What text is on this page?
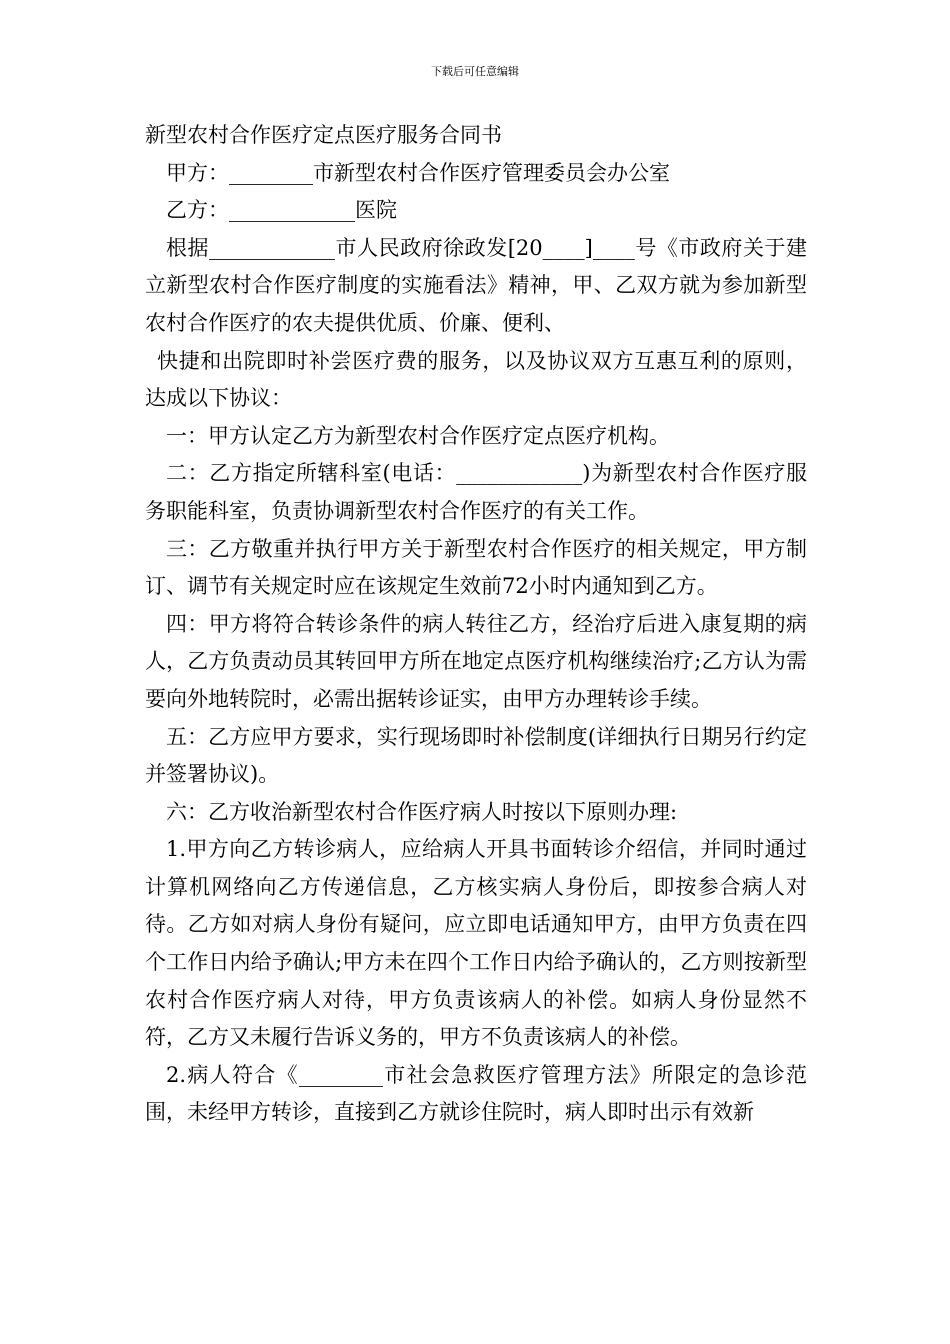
下载后可任意编辑

新型农村合作医疗定点医疗服务合同书

甲方：________市新型农村合作医疗管理委员会办公室

乙方：____________医院

根据____________市人民政府徐政发[20____]____号《市政府关于建立新型农村合作医疗制度的实施看法》精神，甲、乙双方就为参加新型农村合作医疗的农夫提供优质、价廉、便利、

快捷和出院即时补尝医疗费的服务，以及协议双方互惠互利的原则，达成以下协议：

一：甲方认定乙方为新型农村合作医疗定点医疗机构。

二：乙方指定所辖科室(电话：____________)为新型农村合作医疗服务职能科室，负责协调新型农村合作医疗的有关工作。

三：乙方敬重并执行甲方关于新型农村合作医疗的相关规定，甲方制订、调节有关规定时应在该规定生效前72小时内通知到乙方。

四：甲方将符合转诊条件的病人转往乙方，经治疗后进入康复期的病人，乙方负责动员其转回甲方所在地定点医疗机构继续治疗;乙方认为需要向外地转院时，必需出据转诊证实，由甲方办理转诊手续。

五：乙方应甲方要求，实行现场即时补偿制度(详细执行日期另行约定并签署协议)。

六：乙方收治新型农村合作医疗病人时按以下原则办理:

1.甲方向乙方转诊病人，应给病人开具书面转诊介绍信，并同时通过计算机网络向乙方传递信息，乙方核实病人身份后，即按参合病人对待。乙方如对病人身份有疑问，应立即电话通知甲方，由甲方负责在四个工作日内给予确认;甲方未在四个工作日内给予确认的，乙方则按新型农村合作医疗病人对待，甲方负责该病人的补偿。如病人身份显然不符，乙方又未履行告诉义务的，甲方不负责该病人的补偿。

2.病人符合《________市社会急救医疗管理方法》所限定的急诊范围，未经甲方转诊，直接到乙方就诊住院时，病人即时出示有效新
